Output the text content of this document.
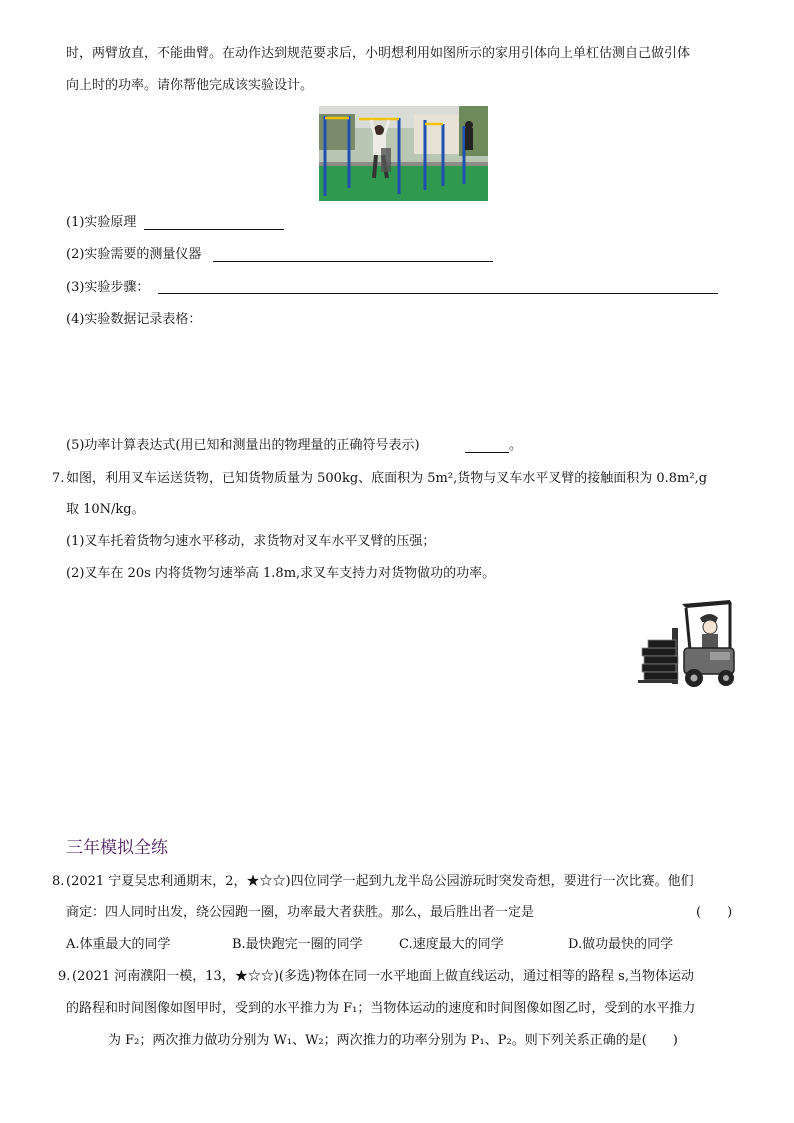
时，两臂放直，不能曲臂。在动作达到规范要求后，小明想利用如图所示的家用引体向上单杠估测自己做引体
向上时的功率。请你帮他完成该实验设计。
(1)实验原理
(2)实验需要的测量仪器
(3)实验步骤：
(4)实验数据记录表格：
(5)功率计算表达式(用已知和测量出的物理量的正确符号表示)	。
7. 如图，利用叉车运送货物，已知货物质量为 500kg、底面积为 5m²,货物与叉车水平叉臂的接触面积为 0.8m²,g
取 10N/kg。
(1)叉车托着货物匀速水平移动，求货物对叉车水平叉臂的压强；
(2)叉车在 20s 内将货物匀速举高 1.8m,求叉车支持力对货物做功的功率。
三年模拟全练
8. (2021 宁夏吴忠利通期末，2，★☆☆)四位同学一起到九龙半岛公园游玩时突发奇想，要进行一次比赛。他们
商定：四人同时出发，绕公园跑一圈，功率最大者获胜。那么，最后胜出者一定是	(　　)
A.体重最大的同学	B.最快跑完一圈的同学	C.速度最大的同学	D.做功最快的同学
9. (2021 河南濮阳一模，13，★☆☆)(多选)物体在同一水平地面上做直线运动，通过相等的路程 s,当物体运动
的路程和时间图像如图甲时，受到的水平推力为 F₁；当物体运动的速度和时间图像如图乙时，受到的水平推力
为 F₂；两次推力做功分别为 W₁、W₂；两次推力的功率分别为 P₁、P₂。则下列关系正确的是(　　)
